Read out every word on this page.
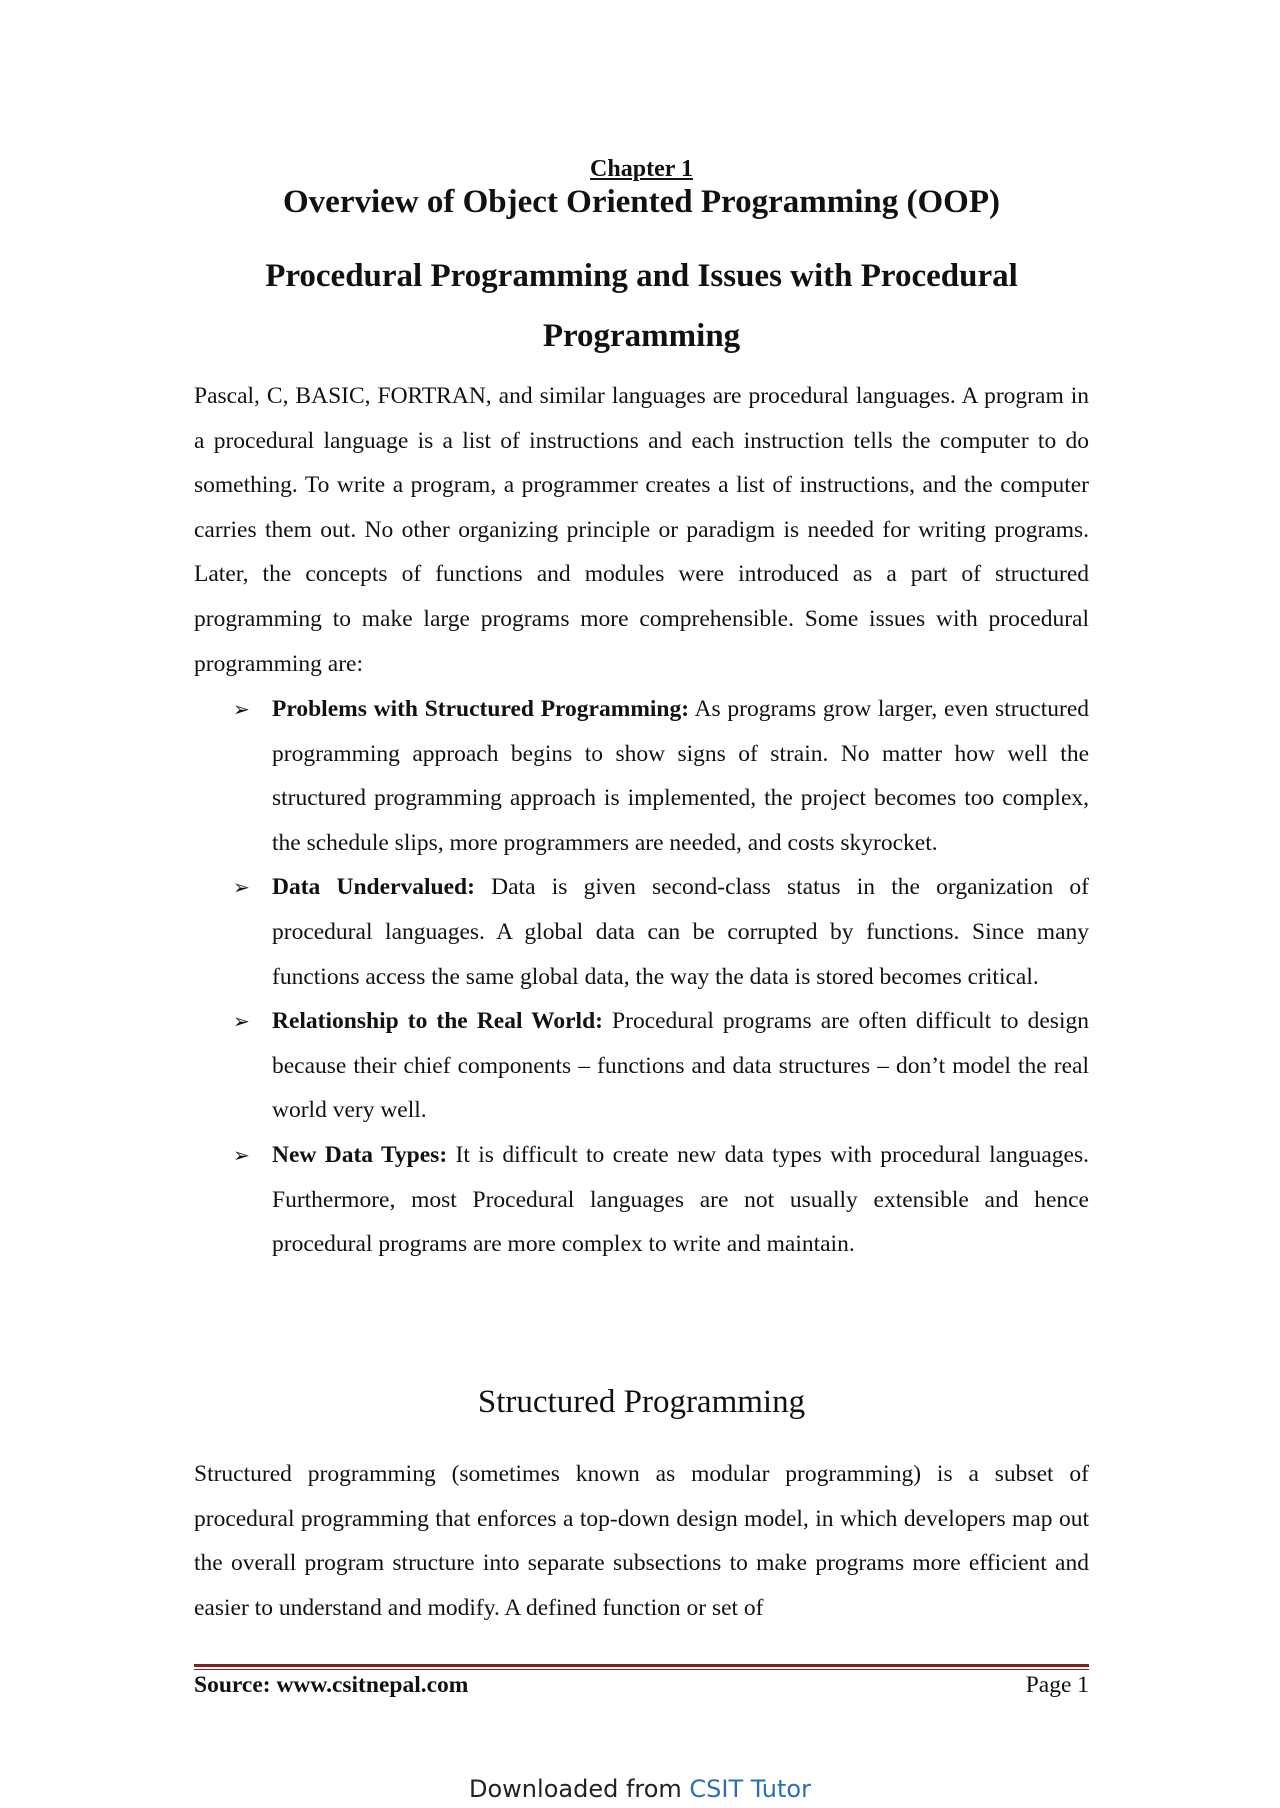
Chapter 1
Overview of Object Oriented Programming (OOP)
Procedural Programming and Issues with Procedural Programming

Pascal, C, BASIC, FORTRAN, and similar languages are procedural languages. A program in a procedural language is a list of instructions and each instruction tells the computer to do something. To write a program, a programmer creates a list of instructions, and the computer carries them out. No other organizing principle or paradigm is needed for writing programs. Later, the concepts of functions and modules were introduced as a part of structured programming to make large programs more comprehensible. Some issues with procedural programming are:

➢ Problems with Structured Programming: As programs grow larger, even structured programming approach begins to show signs of strain. No matter how well the structured programming approach is implemented, the project becomes too complex, the schedule slips, more programmers are needed, and costs skyrocket.
➢ Data Undervalued: Data is given second-class status in the organization of procedural languages. A global data can be corrupted by functions. Since many functions access the same global data, the way the data is stored becomes critical.
➢ Relationship to the Real World: Procedural programs are often difficult to design because their chief components – functions and data structures – don’t model the real world very well.
➢ New Data Types: It is difficult to create new data types with procedural languages. Furthermore, most Procedural languages are not usually extensible and hence procedural programs are more complex to write and maintain.
Structured Programming

Structured programming (sometimes known as modular programming) is a subset of procedural programming that enforces a top-down design model, in which developers map out the overall program structure into separate subsections to make programs more efficient and easier to understand and modify. A defined function or set of

Source: www.csitnepal.com	Page 1
Downloaded from CSIT Tutor
